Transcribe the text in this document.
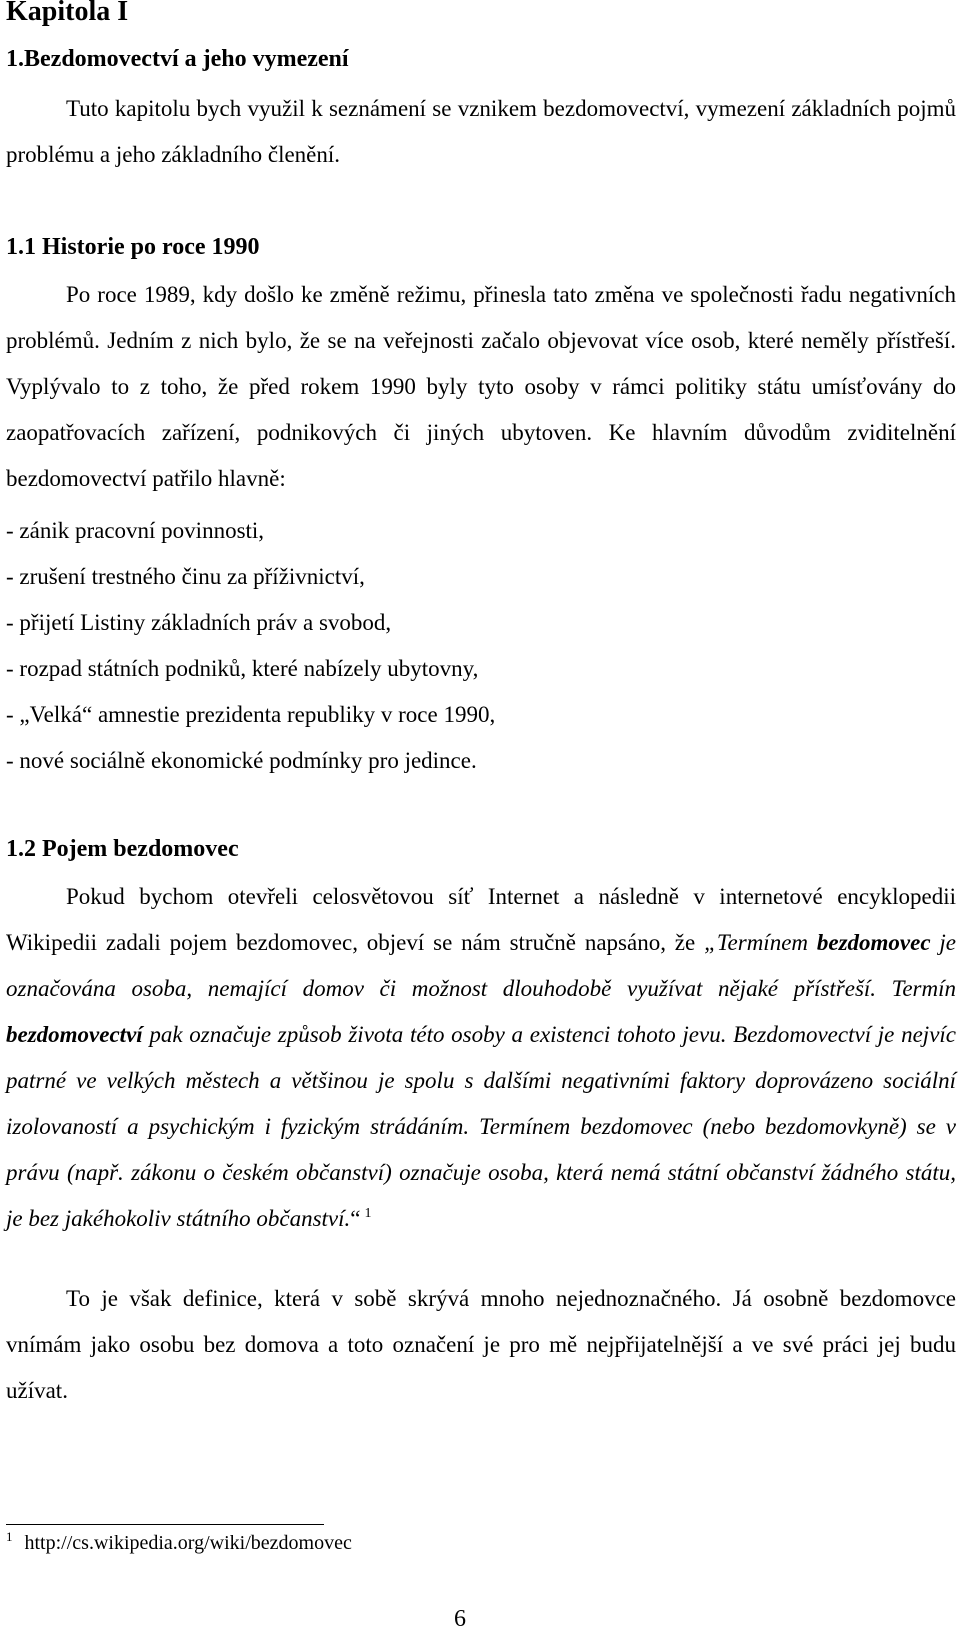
Kapitola I
1.Bezdomovectví a jeho vymezení

Tuto kapitolu bych využil k seznámení se vznikem bezdomovectví, vymezení základních pojmů problému a jeho základního členění.

1.1 Historie po roce 1990

Po roce 1989, kdy došlo ke změně režimu, přinesla tato změna ve společnosti řadu negativních problémů. Jedním z nich bylo, že se na veřejnosti začalo objevovat více osob, které neměly přístřeší. Vyplývalo to z toho, že před rokem 1990 byly tyto osoby v rámci politiky státu umísťovány do zaopatřovacích zařízení, podnikových či jiných ubytoven. Ke hlavním důvodům zviditelnění bezdomovectví patřilo hlavně:

- zánik pracovní povinnosti,
- zrušení trestného činu za příživnictví,
- přijetí Listiny základních práv a svobod,
- rozpad státních podniků, které nabízely ubytovny,
- „Velká“ amnestie prezidenta republiky v roce 1990,
- nové sociálně ekonomické podmínky pro jedince.
1.2 Pojem bezdomovec

Pokud bychom otevřeli celosvětovou síť Internet a následně v internetové encyklopedii Wikipedii zadali pojem bezdomovec, objeví se nám stručně napsáno, že „Termínem bezdomovec je označována osoba, nemající domov či možnost dlouhodobě využívat nějaké přístřeší. Termín bezdomovectví pak označuje způsob života této osoby a existenci tohoto jevu. Bezdomovectví je nejvíc patrné ve velkých městech a většinou je spolu s dalšími negativními faktory doprovázeno sociální izolovaností a psychickým i fyzickým strádáním. Termínem bezdomovec (nebo bezdomovkyně) se v právu (např. zákonu o českém občanství) označuje osoba, která nemá státní občanství žádného státu, je bez jakéhokoliv státního občanství.“ $^1$

To je však definice, která v sobě skrývá mnoho nejednoznačného. Já osobně bezdomovce vnímám jako osobu bez domova a toto označení je pro mě nejpřijatelnější a ve své práci jej budu užívat.

$^1$ http://cs.wikipedia.org/wiki/bezdomovec
6
